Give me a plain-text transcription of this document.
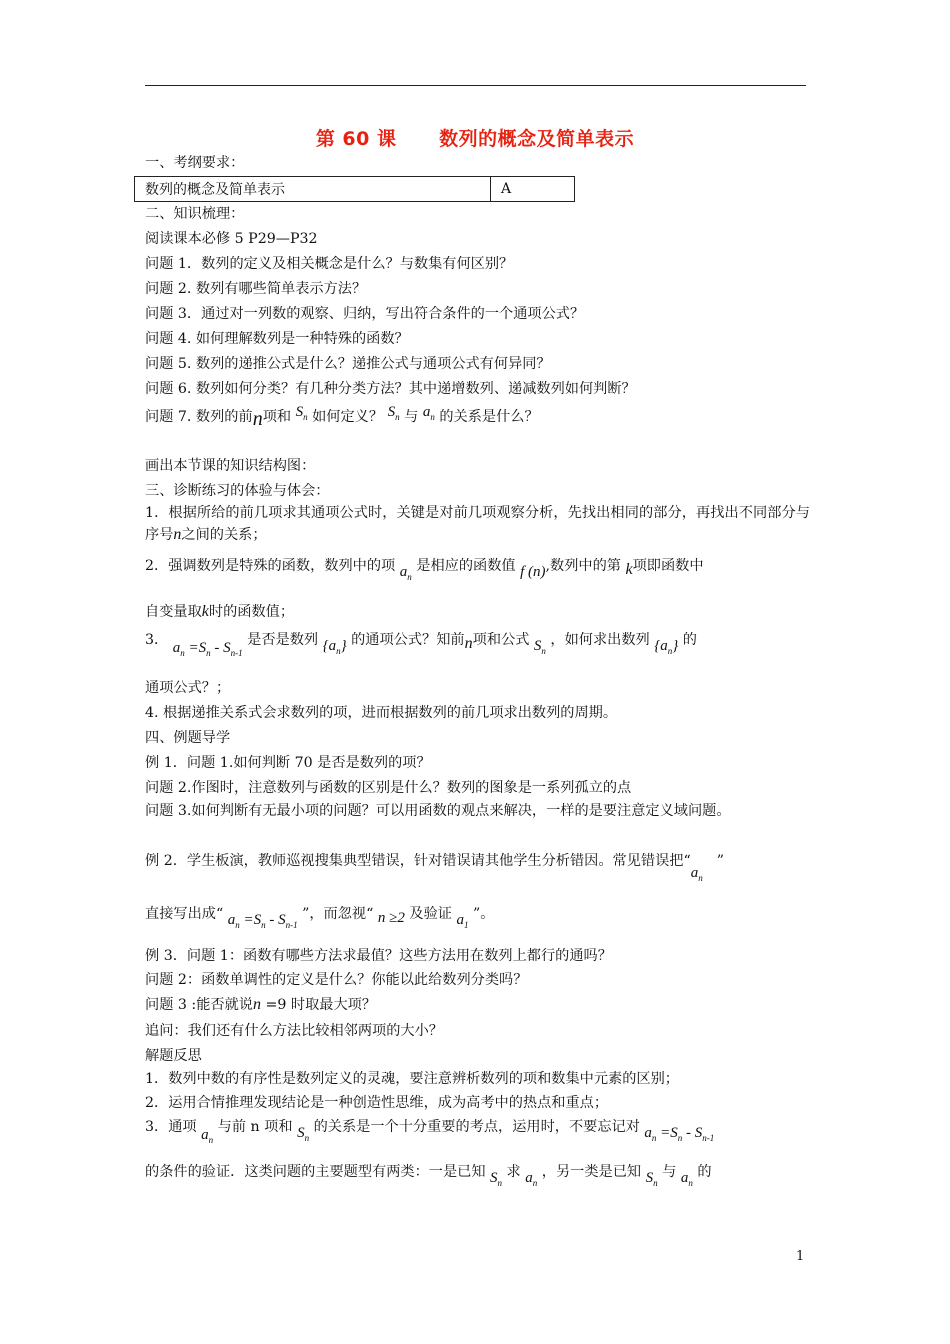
第 60 课      数列的概念及简单表示
一、考纲要求：
数列的概念及简单表示	A
二、知识梳理：
阅读课本必修 5 P29—P32
问题 1．数列的定义及相关概念是什么？与数集有何区别？
问题 2. 数列有哪些简单表示方法？
问题 3．通过对一列数的观察、归纳，写出符合条件的一个通项公式？
问题 4. 如何理解数列是一种特殊的函数？
问题 5. 数列的递推公式是什么？递推公式与通项公式有何异同？
问题 6. 数列如何分类？有几种分类方法？其中递增数列、递减数列如何判断？
问题 7. 数列的前n项和 $S_n$ 如何定义？ $S_n$ 与 $a_n$ 的关系是什么？
画出本节课的知识结构图：
三、诊断练习的体验与体会：
1．根据所给的前几项求其通项公式时，关键是对前几项观察分析，先找出相同的部分，再找出不同部分与序号n之间的关系；
2．强调数列是特殊的函数，数列中的项 $a_n$ 是相应的函数值 f (n),数列中的第 k项即函数中
自变量取k时的函数值；
3． $a_n =S_n - S_{n-1}$ 是否是数列 $\{a_n\}$ 的通项公式？知前n项和公式 $S_n$ ，如何求出数列 $\{a_n\}$ 的
通项公式？；
4. 根据递推关系式会求数列的项，进而根据数列的前几项求出数列的周期。
四、例题导学
例 1．问题 1.如何判断 70 是否是数列的项？
问题 2.作图时，注意数列与函数的区别是什么？数列的图象是一系列孤立的点
问题 3.如何判断有无最小项的问题？可以用函数的观点来解决，一样的是要注意定义域问题。
例 2．学生板演，教师巡视搜集典型错误，针对错误请其他学生分析错因。常见错误把“$a_n$”
直接写出成“ $a_n =S_n - S_{n-1}$ ”，而忽视“ n ≥2 及验证 $a_1$ ”。
例 3．问题 1：函数有哪些方法求最值？这些方法用在数列上都行的通吗？
问题 2：函数单调性的定义是什么？你能以此给数列分类吗？
问题 3 :能否就说n =9 时取最大项？
追问：我们还有什么方法比较相邻两项的大小？
解题反思
1．数列中数的有序性是数列定义的灵魂，要注意辨析数列的项和数集中元素的区别；
2．运用合情推理发现结论是一种创造性思维，成为高考中的热点和重点；
3．通项 $a_n$ 与前 n 项和 $S_n$ 的关系是一个十分重要的考点，运用时，不要忘记对 $a_n =S_n - S_{n-1}$
的条件的验证．这类问题的主要题型有两类：一是已知 $S_n$ 求 $a_n$ ，另一类是已知 $S_n$ 与 $a_n$ 的
1
